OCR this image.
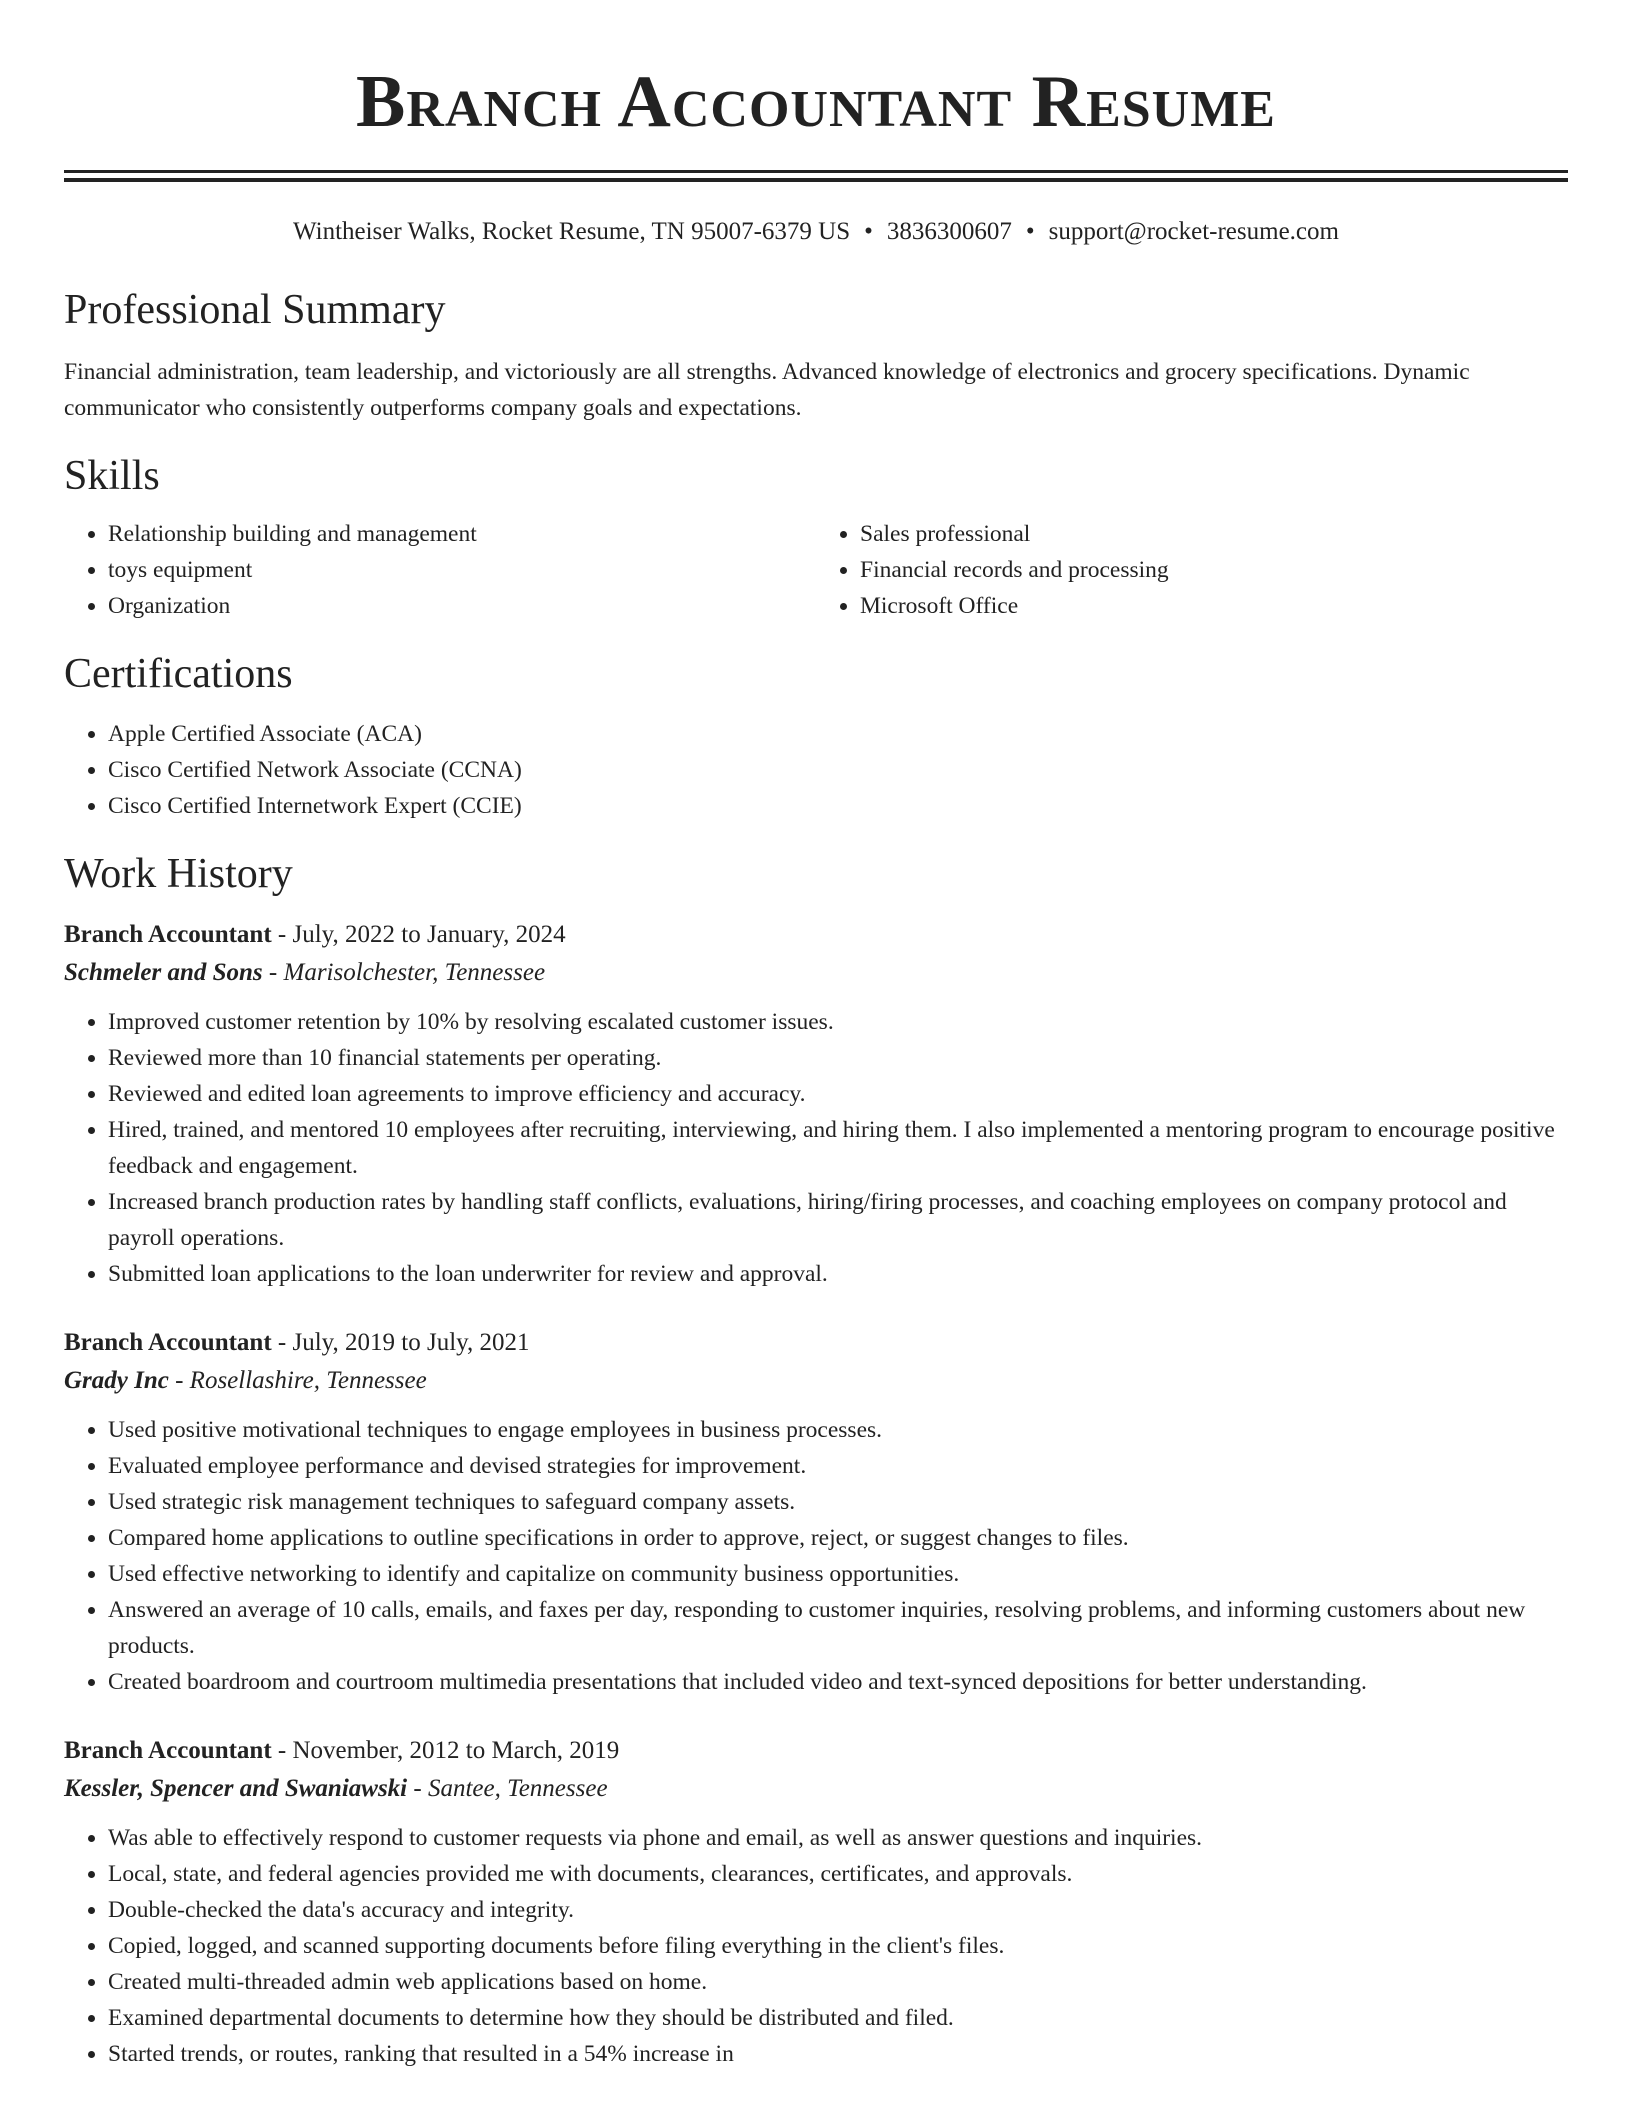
Branch Accountant Resume
Wintheiser Walks, Rocket Resume, TN 95007-6379 US • 3836300607 • support@rocket-resume.com
Professional Summary

Financial administration, team leadership, and victoriously are all strengths. Advanced knowledge of electronics and grocery specifications. Dynamic communicator who consistently outperforms company goals and expectations.

Skills
• Relationship building and management
• toys equipment
• Organization
• Sales professional
• Financial records and processing
• Microsoft Office
Certifications
• Apple Certified Associate (ACA)
• Cisco Certified Network Associate (CCNA)
• Cisco Certified Internetwork Expert (CCIE)
Work History
Branch Accountant - July, 2022 to January, 2024
Schmeler and Sons - Marisolchester, Tennessee
• Improved customer retention by 10% by resolving escalated customer issues.
• Reviewed more than 10 financial statements per operating.
• Reviewed and edited loan agreements to improve efficiency and accuracy.
• Hired, trained, and mentored 10 employees after recruiting, interviewing, and hiring them. I also implemented a mentoring program to encourage positive feedback and engagement.
• Increased branch production rates by handling staff conflicts, evaluations, hiring/firing processes, and coaching employees on company protocol and payroll operations.
• Submitted loan applications to the loan underwriter for review and approval.
Branch Accountant - July, 2019 to July, 2021
Grady Inc - Rosellashire, Tennessee
• Used positive motivational techniques to engage employees in business processes.
• Evaluated employee performance and devised strategies for improvement.
• Used strategic risk management techniques to safeguard company assets.
• Compared home applications to outline specifications in order to approve, reject, or suggest changes to files.
• Used effective networking to identify and capitalize on community business opportunities.
• Answered an average of 10 calls, emails, and faxes per day, responding to customer inquiries, resolving problems, and informing customers about new products.
• Created boardroom and courtroom multimedia presentations that included video and text-synced depositions for better understanding.
Branch Accountant - November, 2012 to March, 2019
Kessler, Spencer and Swaniawski - Santee, Tennessee
• Was able to effectively respond to customer requests via phone and email, as well as answer questions and inquiries.
• Local, state, and federal agencies provided me with documents, clearances, certificates, and approvals.
• Double-checked the data's accuracy and integrity.
• Copied, logged, and scanned supporting documents before filing everything in the client's files.
• Created multi-threaded admin web applications based on home.
• Examined departmental documents to determine how they should be distributed and filed.
• Started trends, or routes, ranking that resulted in a 54% increase in
